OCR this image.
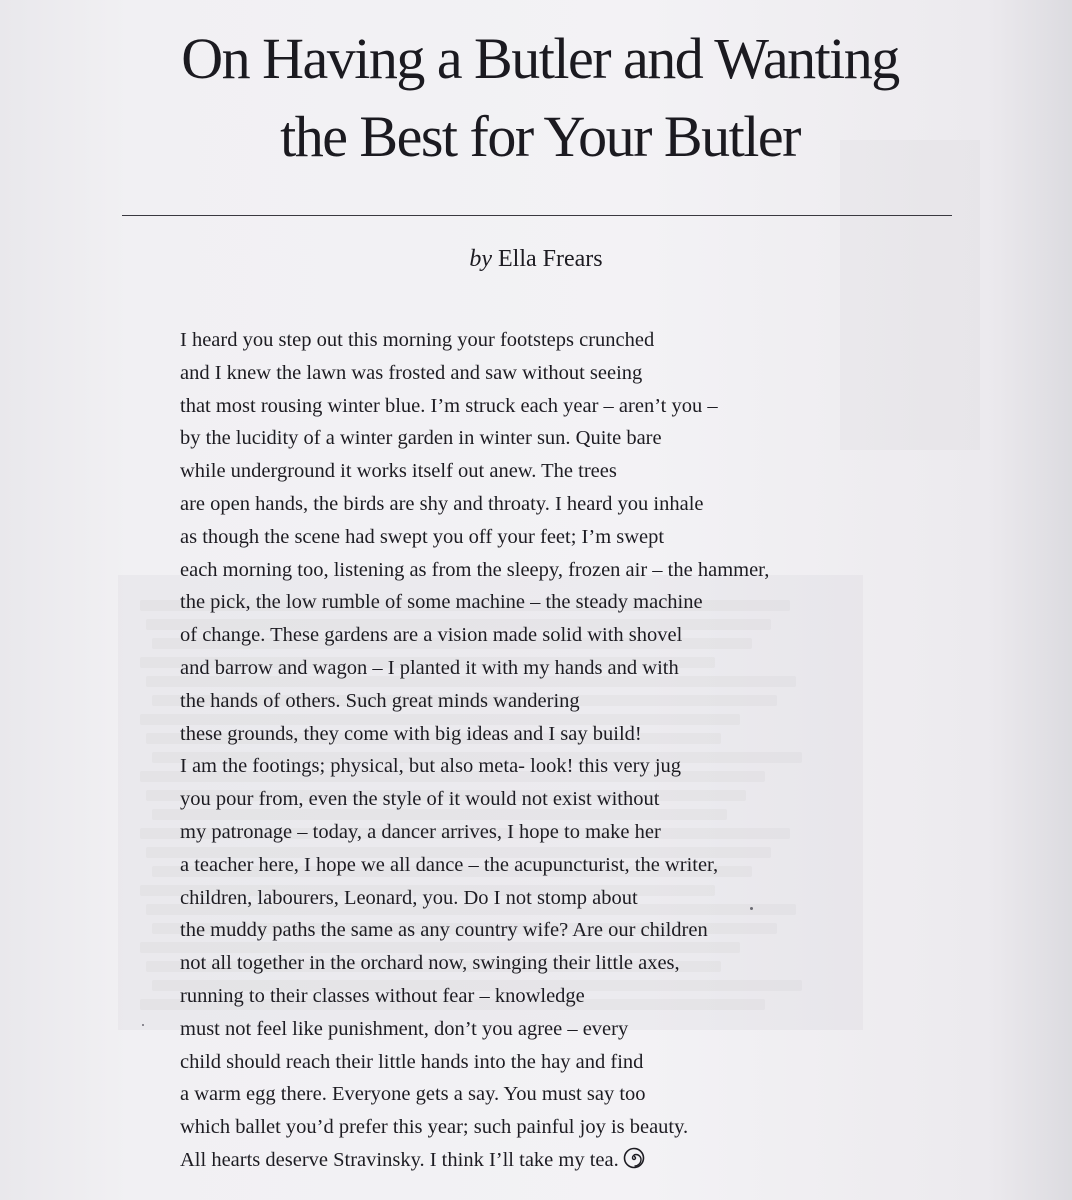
On Having a Butler and Wanting
the Best for Your Butler
by Ella Frears
I heard you step out this morning your footsteps crunched
and I knew the lawn was frosted and saw without seeing
that most rousing winter blue. I’m struck each year – aren’t you –
by the lucidity of a winter garden in winter sun. Quite bare
while underground it works itself out anew. The trees
are open hands, the birds are shy and throaty. I heard you inhale
as though the scene had swept you off your feet; I’m swept
each morning too, listening as from the sleepy, frozen air – the hammer,
the pick, the low rumble of some machine – the steady machine
of change. These gardens are a vision made solid with shovel
and barrow and wagon – I planted it with my hands and with
the hands of others. Such great minds wandering
these grounds, they come with big ideas and I say build!
I am the footings; physical, but also meta- look! this very jug
you pour from, even the style of it would not exist without
my patronage – today, a dancer arrives, I hope to make her
a teacher here, I hope we all dance – the acupuncturist, the writer,
children, labourers, Leonard, you. Do I not stomp about
the muddy paths the same as any country wife? Are our children
not all together in the orchard now, swinging their little axes,
running to their classes without fear – knowledge
must not feel like punishment, don’t you agree – every
child should reach their little hands into the hay and find
a warm egg there. Everyone gets a say. You must say too
which ballet you’d prefer this year; such painful joy is beauty.
All hearts deserve Stravinsky. I think I’ll take my tea.
